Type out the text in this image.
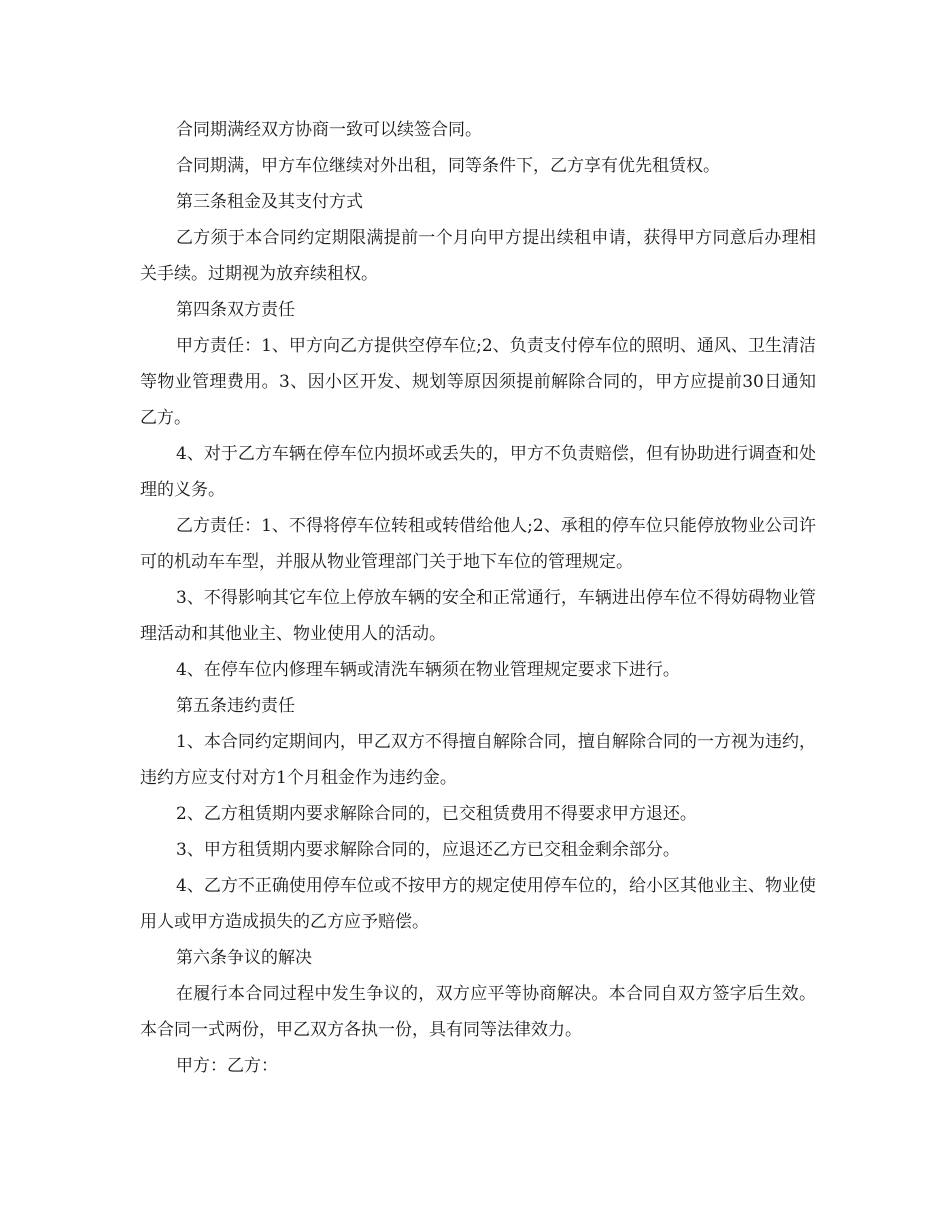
合同期满经双方协商一致可以续签合同。

合同期满，甲方车位继续对外出租，同等条件下，乙方享有优先租赁权。

第三条租金及其支付方式

乙方须于本合同约定期限满提前一个月向甲方提出续租申请，获得甲方同意后办理相关手续。过期视为放弃续租权。

第四条双方责任

甲方责任：1、甲方向乙方提供空停车位;2、负责支付停车位的照明、通风、卫生清洁等物业管理费用。3、因小区开发、规划等原因须提前解除合同的，甲方应提前30日通知乙方。

4、对于乙方车辆在停车位内损坏或丢失的，甲方不负责赔偿，但有协助进行调查和处理的义务。

乙方责任：1、不得将停车位转租或转借给他人;2、承租的停车位只能停放物业公司许可的机动车车型，并服从物业管理部门关于地下车位的管理规定。

3、不得影响其它车位上停放车辆的安全和正常通行，车辆进出停车位不得妨碍物业管理活动和其他业主、物业使用人的活动。

4、在停车位内修理车辆或清洗车辆须在物业管理规定要求下进行。

第五条违约责任

1、本合同约定期间内，甲乙双方不得擅自解除合同，擅自解除合同的一方视为违约，违约方应支付对方1个月租金作为违约金。

2、乙方租赁期内要求解除合同的，已交租赁费用不得要求甲方退还。

3、甲方租赁期内要求解除合同的，应退还乙方已交租金剩余部分。

4、乙方不正确使用停车位或不按甲方的规定使用停车位的，给小区其他业主、物业使用人或甲方造成损失的乙方应予赔偿。

第六条争议的解决

在履行本合同过程中发生争议的，双方应平等协商解决。本合同自双方签字后生效。本合同一式两份，甲乙双方各执一份，具有同等法律效力。

甲方：乙方：
